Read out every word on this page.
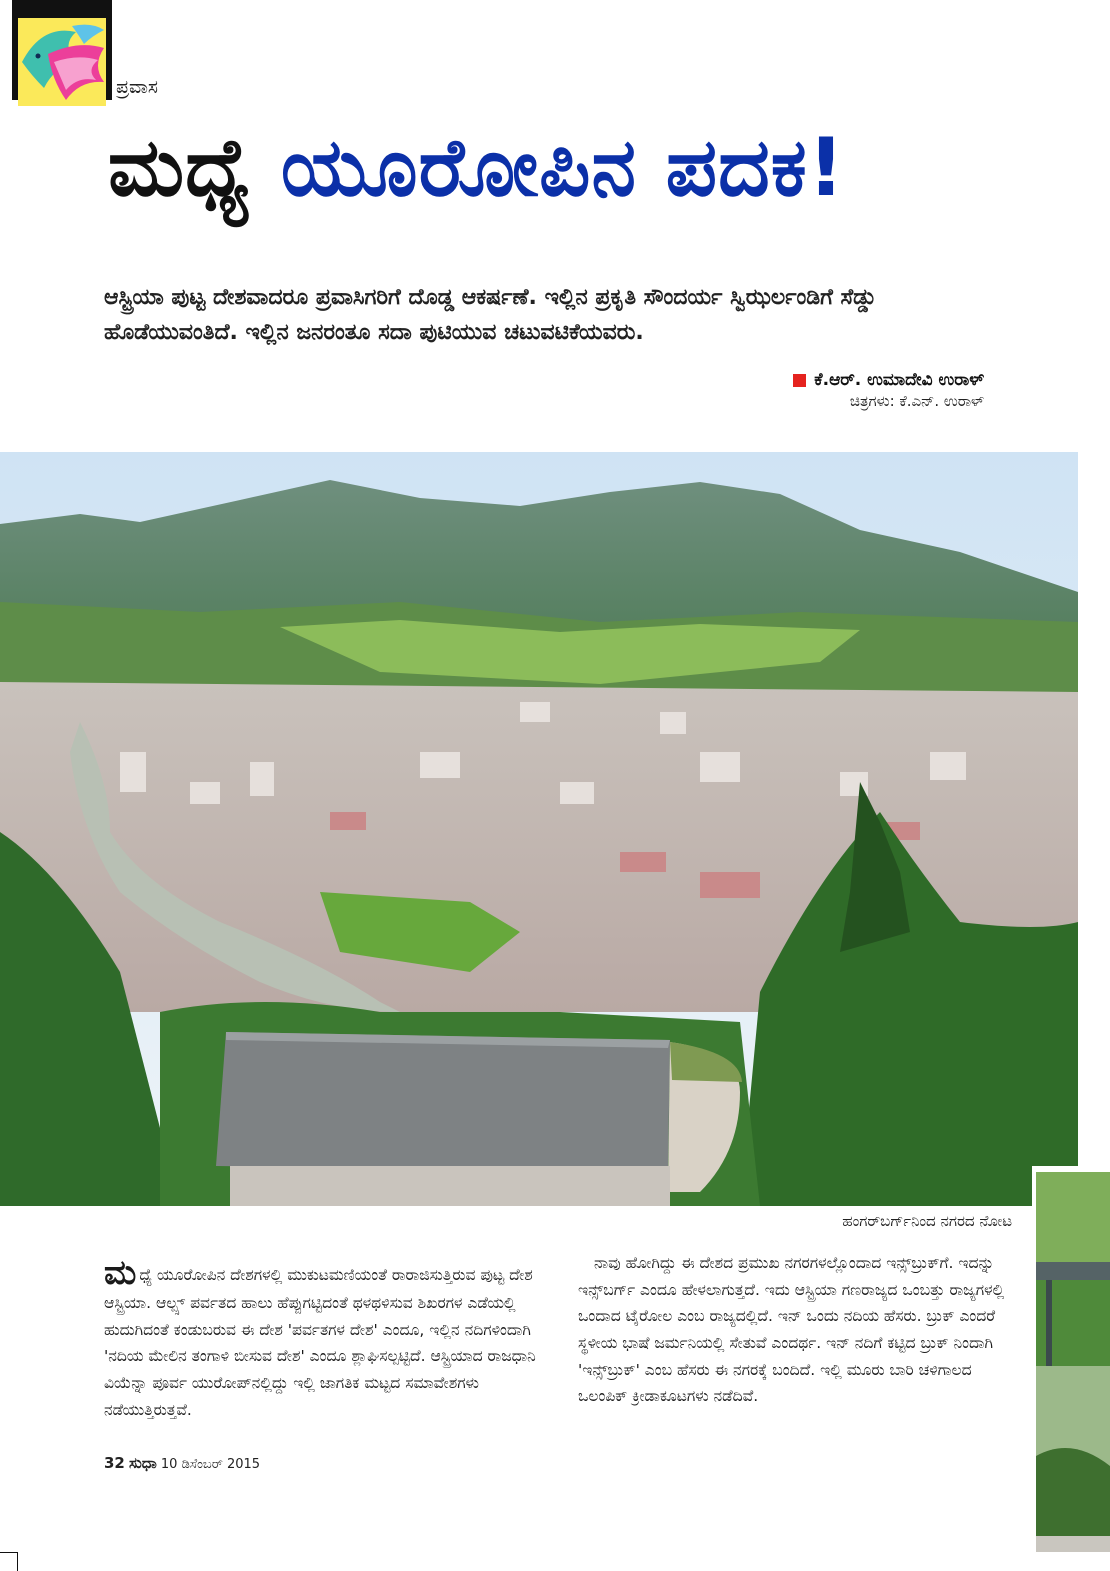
ಪ್ರವಾಸ
ಮಧ್ಯೆ ಯೂರೋಪಿನ ಪದಕ!

ಆಸ್ಟ್ರಿಯಾ ಪುಟ್ಟ ದೇಶವಾದರೂ ಪ್ರವಾಸಿಗರಿಗೆ ದೊಡ್ಡ ಆಕರ್ಷಣೆ. ಇಲ್ಲಿನ ಪ್ರಕೃತಿ ಸೌಂದರ್ಯ ಸ್ವಿಝರ್ಲಂಡಿಗೆ ಸೆಡ್ಡು ಹೊಡೆಯುವಂತಿದೆ. ಇಲ್ಲಿನ ಜನರಂತೂ ಸದಾ ಪುಟಿಯುವ ಚಟುವಟಿಕೆಯವರು.

ಕೆ.ಆರ್. ಉಮಾದೇವಿ ಉರಾಳ್
ಚಿತ್ರಗಳು: ಕೆ.ಎನ್. ಉರಾಳ್
ಹಂಗರ್‌ಬರ್ಗ್‌ನಿಂದ ನಗರದ ನೋಟ
ಮಧ್ಯೆ ಯೂರೋಪಿನ ದೇಶಗಳಲ್ಲಿ ಮುಕುಟಮಣಿಯಂತೆ ರಾರಾಜಿಸುತ್ತಿರುವ ಪುಟ್ಟ ದೇಶ ಆಸ್ಟ್ರಿಯಾ. ಆಲ್ಪ್ಸ್ ಪರ್ವತದ ಹಾಲು ಹೆಪ್ಪುಗಟ್ಟಿದಂತೆ ಥಳಥಳಿಸುವ ಶಿಖರಗಳ ಎಡೆಯಲ್ಲಿ ಹುದುಗಿದಂತೆ ಕಂಡುಬರುವ ಈ ದೇಶ 'ಪರ್ವತಗಳ ದೇಶ' ಎಂದೂ, ಇಲ್ಲಿನ ನದಿಗಳಿಂದಾಗಿ 'ನದಿಯ ಮೇಲಿನ ತಂಗಾಳಿ ಬೀಸುವ ದೇಶ' ಎಂದೂ ಶ್ಲಾಘಿಸಲ್ಪಟ್ಟಿದೆ. ಆಸ್ಟ್ರಿಯಾದ ರಾಜಧಾನಿ ವಿಯೆನ್ನಾ ಪೂರ್ವ ಯುರೋಪ್‌ನಲ್ಲಿದ್ದು ಇಲ್ಲಿ ಜಾಗತಿಕ ಮಟ್ಟದ ಸಮಾವೇಶಗಳು ನಡೆಯುತ್ತಿರುತ್ತವೆ.
ನಾವು ಹೋಗಿದ್ದು ಈ ದೇಶದ ಪ್ರಮುಖ ನಗರಗಳಲ್ಲೊಂದಾದ ಇನ್ಸ್‌ಬ್ರುಕ್‌ಗೆ. ಇದನ್ನು ಇನ್ಸ್‌ಬರ್ಗ್ ಎಂದೂ ಹೇಳಲಾಗುತ್ತದೆ. ಇದು ಆಸ್ಟ್ರಿಯಾ ಗಣರಾಜ್ಯದ ಒಂಬತ್ತು ರಾಜ್ಯಗಳಲ್ಲಿ ಒಂದಾದ ಟೈರೋಲ ಎಂಬ ರಾಜ್ಯದಲ್ಲಿದೆ. ಇನ್ ಒಂದು ನದಿಯ ಹೆಸರು. ಬ್ರುಕ್ ಎಂದರೆ ಸ್ಥಳೀಯ ಭಾಷೆ ಜರ್ಮನಿಯಲ್ಲಿ ಸೇತುವೆ ಎಂದರ್ಥ. ಇನ್ ನದಿಗೆ ಕಟ್ಟಿದ ಬ್ರುಕ್ ನಿಂದಾಗಿ 'ಇನ್ಸ್‌ಬ್ರುಕ್' ಎಂಬ ಹೆಸರು ಈ ನಗರಕ್ಕೆ ಬಂದಿದೆ. ಇಲ್ಲಿ ಮೂರು ಬಾರಿ ಚಳಿಗಾಲದ ಒಲಂಪಿಕ್ ಕ್ರೀಡಾಕೂಟಗಳು ನಡೆದಿವೆ.
32 ಸುಧಾ 10 ಡಿಸೆಂಬರ್ 2015
